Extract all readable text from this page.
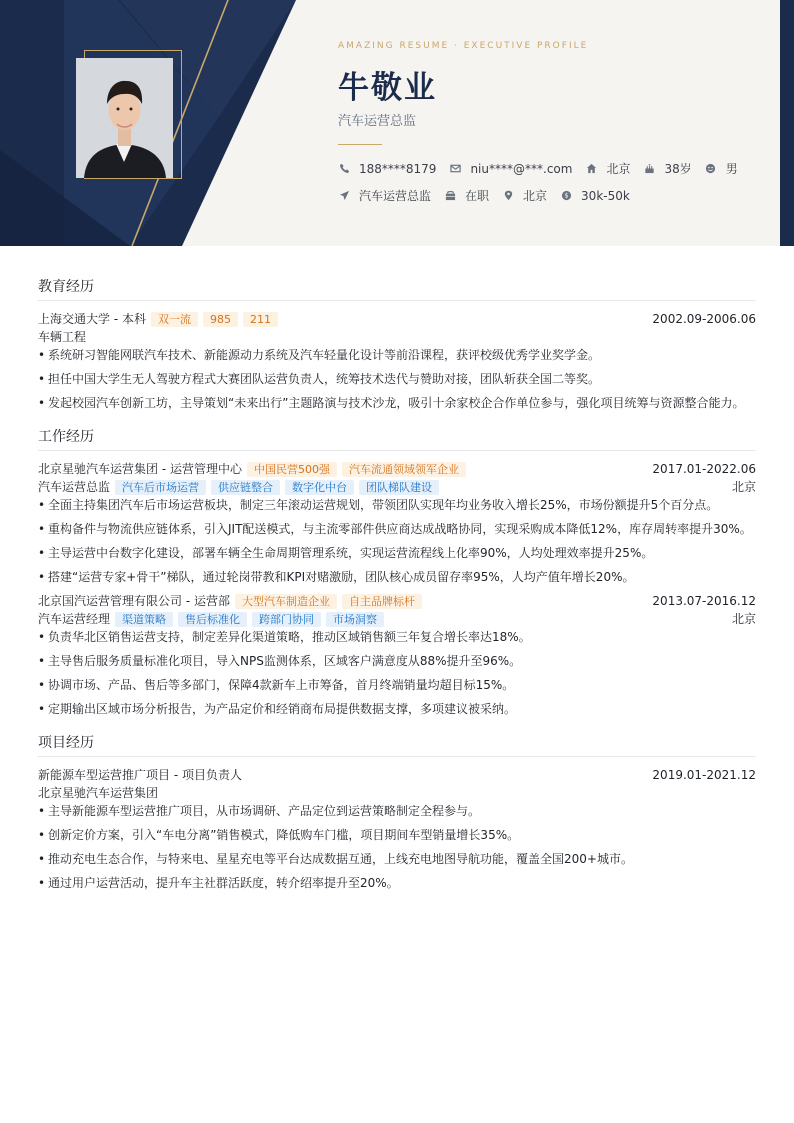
AMAZING RESUME · EXECUTIVE PROFILE
牛敬业
汽车运营总监
188****8179	niu****@***.com	北京	38岁	男
汽车运营总监	在职	北京 $ 30k-50k
教育经历
上海交通大学 - 本科	双一流	985	211	2002.09-2006.06
车辆工程
• 系统研习智能网联汽车技术、新能源动力系统及汽车轻量化设计等前沿课程，获评校级优秀学业奖学金。
• 担任中国大学生无人驾驶方程式大赛团队运营负责人，统筹技术迭代与赞助对接，团队斩获全国二等奖。
• 发起校园汽车创新工坊，主导策划“未来出行”主题路演与技术沙龙，吸引十余家校企合作单位参与，强化项目统筹与资源整合能力。
工作经历
北京星驰汽车运营集团 - 运营管理中心	中国民营500强	汽车流通领域领军企业	2017.01-2022.06
汽车运营总监	汽车后市场运营	供应链整合	数字化中台	团队梯队建设	北京
• 全面主持集团汽车后市场运营板块，制定三年滚动运营规划，带领团队实现年均业务收入增长25%，市场份额提升5个百分点。
• 重构备件与物流供应链体系，引入JIT配送模式，与主流零部件供应商达成战略协同，实现采购成本降低12%，库存周转率提升30%。
• 主导运营中台数字化建设，部署车辆全生命周期管理系统，实现运营流程线上化率90%，人均处理效率提升25%。
• 搭建“运营专家+骨干”梯队，通过轮岗带教和KPI对赌激励，团队核心成员留存率95%，人均产值年增长20%。
北京国汽运营管理有限公司 - 运营部	大型汽车制造企业	自主品牌标杆	2013.07-2016.12
汽车运营经理	渠道策略	售后标准化	跨部门协同	市场洞察	北京
• 负责华北区销售运营支持，制定差异化渠道策略，推动区域销售额三年复合增长率达18%。
• 主导售后服务质量标准化项目，导入NPS监测体系，区域客户满意度从88%提升至96%。
• 协调市场、产品、售后等多部门，保障4款新车上市筹备，首月终端销量均超目标15%。
• 定期输出区域市场分析报告，为产品定价和经销商布局提供数据支撑，多项建议被采纳。
项目经历
新能源车型运营推广项目 - 项目负责人	2019.01-2021.12
北京星驰汽车运营集团
• 主导新能源车型运营推广项目，从市场调研、产品定位到运营策略制定全程参与。
• 创新定价方案，引入“车电分离”销售模式，降低购车门槛，项目期间车型销量增长35%。
• 推动充电生态合作，与特来电、星星充电等平台达成数据互通，上线充电地图导航功能，覆盖全国200+城市。
• 通过用户运营活动，提升车主社群活跃度，转介绍率提升至20%。
